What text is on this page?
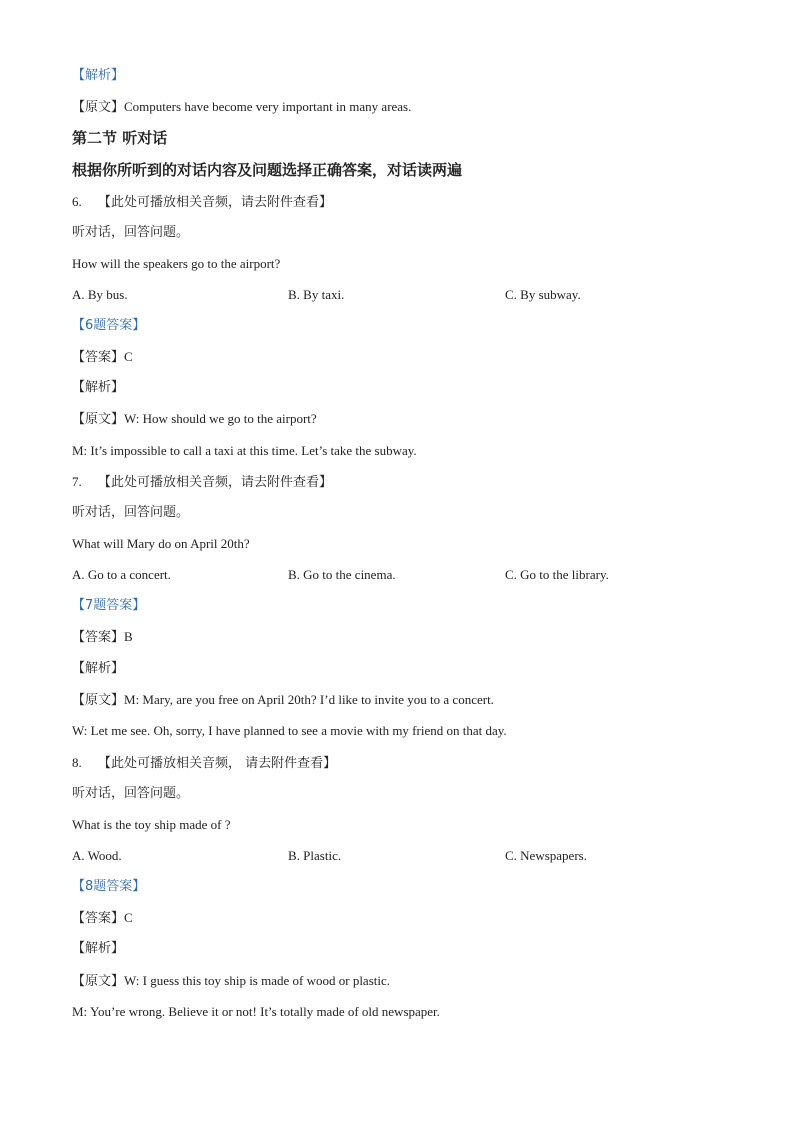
【解析】
【原文】Computers have become very important in many areas.
第二节 听对话
根据你所听到的对话内容及问题选择正确答案，对话读两遍
6. 【此处可播放相关音频，请去附件查看】
听对话，回答问题。
How will the speakers go to the airport?
A. By bus.	B. By taxi.	C. By subway.
【6题答案】
【答案】C
【解析】
【原文】W: How should we go to the airport?
M: It’s impossible to call a taxi at this time. Let’s take the subway.
7. 【此处可播放相关音频，请去附件查看】
听对话，回答问题。
What will Mary do on April 20th?
A. Go to a concert.	B. Go to the cinema.	C. Go to the library.
【7题答案】
【答案】B
【解析】
【原文】M: Mary, are you free on April 20th? I’d like to invite you to a concert.
W: Let me see. Oh, sorry, I have planned to see a movie with my friend on that day.
8. 【此处可播放相关音频， 请去附件查看】
听对话，回答问题。
What is the toy ship made of ?
A. Wood.	B. Plastic.	C. Newspapers.
【8题答案】
【答案】C
【解析】
【原文】W: I guess this toy ship is made of wood or plastic.
M: You’re wrong. Believe it or not! It’s totally made of old newspaper.
